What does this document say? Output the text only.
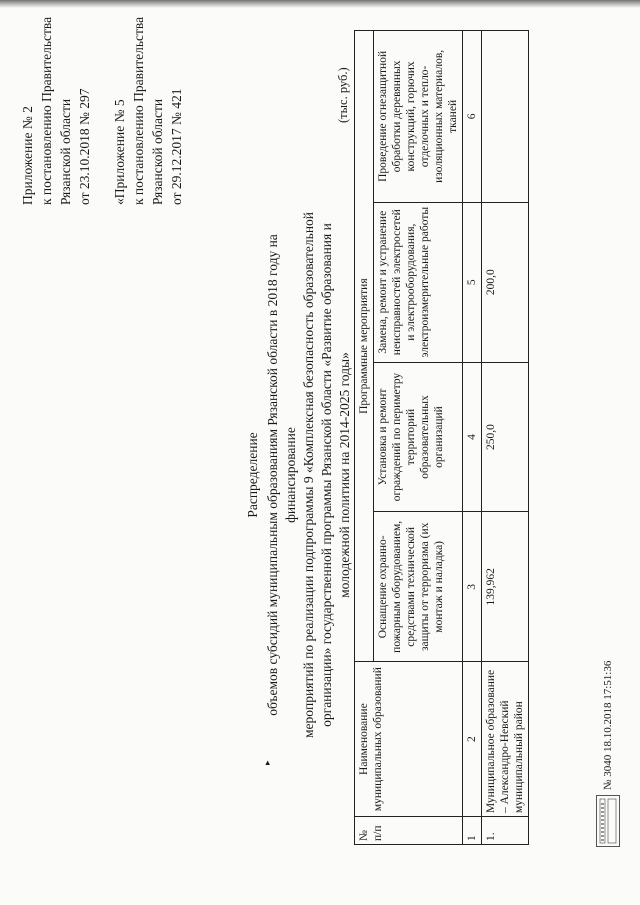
Приложение № 2 к постановлению Правительства Рязанской области от 23.10.2018 № 297 «Приложение № 5 к постановлению Правительства Рязанской области от 29.12.2017 № 421
▸
Распределение объемов субсидий муниципальным образованиям Рязанской области в 2018 году на финансирование мероприятий по реализации подпрограммы 9 «Комплексная безопасность образовательной организации» государственной программы Рязанской области «Развитие образования и молодежной политики на 2014-2025 годы»
(тыс. руб.)
№ п/п	Наименование муниципальных образований	Программные мероприятия			
		Оснащение охранно-пожарным оборудованием, средствами технической защиты от терроризма (их монтаж и наладка)	Установка и ремонт ограждений по периметру территорий образовательных организаций	Замена, ремонт и устранение неисправностей электросетей и электрооборудования, электроизмерительные работы	Проведение огнезащитной обработки деревянных конструкций, горючих отделочных и тепло-изоляционных материалов, тканей
1	2	3	4	5	6
1.	Муниципальное образование – Александро-Невский муниципальный район	139,962	250,0	200,0	
№ 3040 18.10.2018 17:51:36
